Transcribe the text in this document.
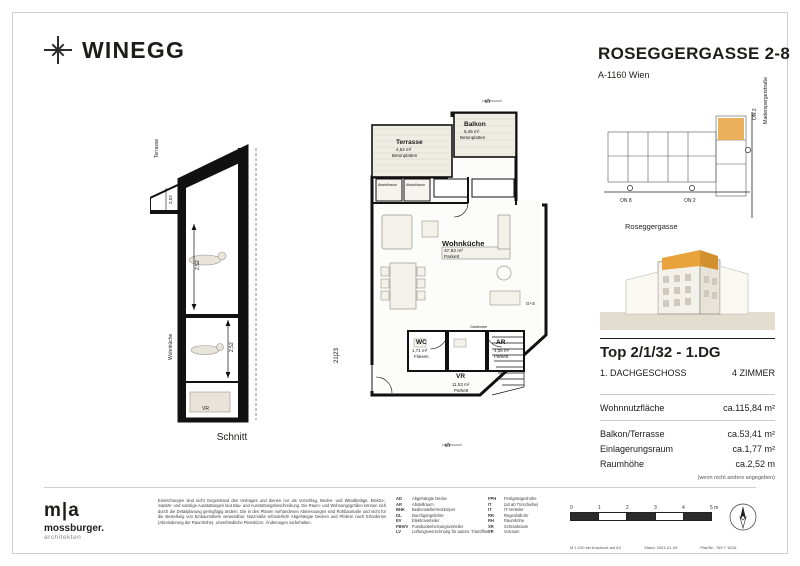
WINEGG	ROSEGGERGASSE 2-8
A-1160 Wien
2,52
2,52
2,52
Terrasse
Wohnküche
VR
Schnitt
21|23
5
5
Terrasse
4,54 m²
Betonplatten
Balkon
6,45 m²
Betonplatten
Wohnküche
37,92 m²
Parkett
WC
1,71 m²
Fliesen
AR
4,06 m²
Parkett
VR
11,53 m²
Parkett
Abstellraum	Abstellraum
Garderobe
G+S
ON 8	ON 2
ON 2 Maderspergerstraße
Roseggergasse
Top 2/1/32 - 1.DG
1. DACHGESCHOSS	4 ZIMMER
Wohnnutzfläche	ca.115,84 m²
Balkon/Terrasse	ca.53,41 m²
Einlagerungsraum	ca.1,77 m²
Raumhöhe	ca.2,52 m
(wenn nicht anders angegeben)
m|a
mossburger.
architekten
Einreichungen sind nicht Gegenstand des Vertrages und dienen nur als Vorschlag. Beden- und Wandbeläge, Elektro-, Sanitär- und sonstige Ausstattungen laut Bau- und Ausstattungsbeschreibung. Die Raum- und Wohnungsgrößen können sich durch die Detailplanung geringfügig ändern. Die in den Plänen vorhandenen Abmessungen sind Rohbaumaße und nicht für die Bestellung von Einbaumöbeln verwendbar. Nutzmaße erforderlich! Abgehängte Decken und Pfeilern nach Erfordernis (Abminderung der Raumhöhe). Unverbindliche Planskizze, Änderungen vorbehalten.
AD	Abgehängte Decke
AR	Abstellraum
BHK	Bedienstelle/Heizkörper
DL	Durchgangslichte
EV	Elektroverteiler
FBH/V Fussbodenheizungsverteiler
LV	Lüftungsverrechnung für autom. T/ariöffner
FPH	Fertigsteigeshöhe
IT	(a3 ab Türscheibe)
IT	IT-Verteiler
RR	Regenfallrohr
RH	Raumhöhe
SR	Schrankraum
VR	Vorraum
0	1	2	3	4	5 m
M 1:100 bei Ausdruck auf A4	Stand: 2024-01-09	Plan№ : 769 7 182A
